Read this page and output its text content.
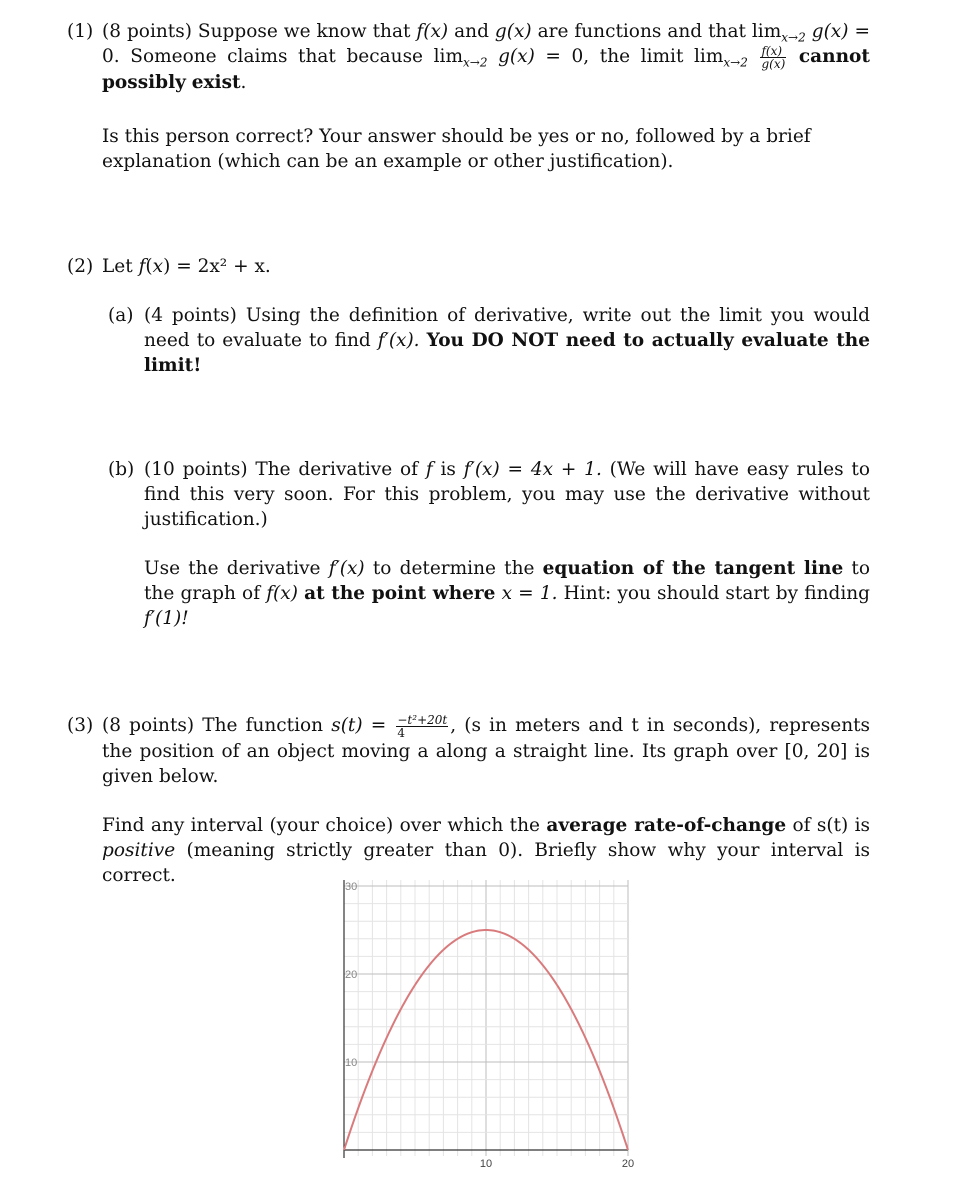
(1) (8 points) Suppose we know that f(x) and g(x) are functions and that $\lim_{x\to 2} g(x) = 0$. Someone claims that because $\lim_{x\to 2} g(x) = 0$, the limit $\lim_{x\to 2} \frac{f(x)}{g(x)}$ cannot possibly exist.
Is this person correct? Your answer should be yes or no, followed by a brief explanation (which can be an example or other justification).
(2) Let f(x) = 2x² + x.
(a) (4 points) Using the definition of derivative, write out the limit you would need to evaluate to find f′(x). You DO NOT need to actually evaluate the limit!
(b) (10 points) The derivative of f is f′(x) = 4x + 1. (We will have easy rules to find this very soon. For this problem, you may use the derivative without justification.)
Use the derivative f′(x) to determine the equation of the tangent line to the graph of f(x) at the point where x = 1. Hint: you should start by finding f′(1)!
(3) (8 points) The function $s(t) = \frac{\text{−t²+20t}}{4}$ , (s in meters and t in seconds), represents the position of an object moving a along a straight line. Its graph over [0, 20] is given below.
Find any interval (your choice) over which the average rate-of-change of s(t) is positive (meaning strictly greater than 0). Briefly show why your interval is correct.
10	20
10
20
30
